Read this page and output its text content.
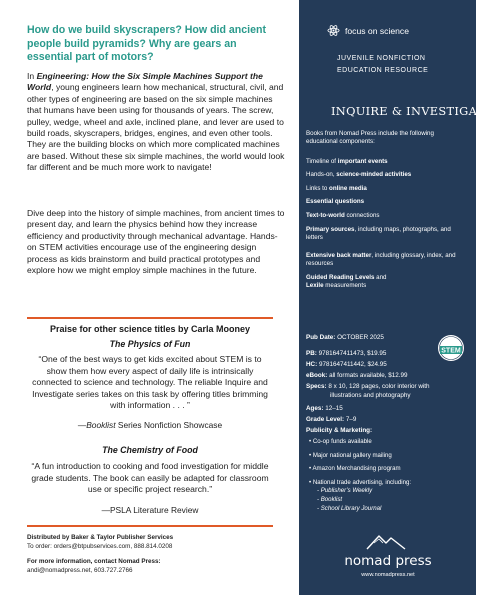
How do we build skyscrapers? How did ancient people build pyramids? Why are gears an essential part of motors?
In Engineering: How the Six Simple Machines Support the World, young engineers learn how mechanical, structural, civil, and other types of engineering are based on the six simple machines that humans have been using for thousands of years. The screw, pulley, wedge, wheel and axle, inclined plane, and lever are used to build roads, skyscrapers, bridges, engines, and even other tools. They are the building blocks on which more complicated machines are based. Without these six simple machines, the world would look far different and be much more work to navigate!
Dive deep into the history of simple machines, from ancient times to present day, and learn the physics behind how they increase efficiency and productivity through mechanical advantage. Hands-on STEM activities encourage use of the engineering design process as kids brainstorm and build practical prototypes and explore how we might employ simple machines in the future.
Praise for other science titles by Carla Mooney
The Physics of Fun
“One of the best ways to get kids excited about STEM is to show them how every aspect of daily life is intrinsically connected to science and technology. The reliable Inquire and Investigate series takes on this task by offering titles brimming with information . . . ”
—Booklist Series Nonfiction Showcase
The Chemistry of Food
“A fun introduction to cooking and food investigation for middle grade students. The book can easily be adapted for classroom use or specific project research.”
—PSLA Literature Review
Distributed by Baker & Taylor Publisher Services
To order: orders@btpubservices.com, 888.814.0208
For more information, contact Nomad Press:
andi@nomadpress.net, 603.727.2766
focus on science
JUVENILE NONFICTION
EDUCATION RESOURCE
INQUIRE & INVESTIGATE
Books from Nomad Press include the following educational components:
Timeline of important events
Hands-on, science-minded activities
Links to online media
Essential questions
Text-to-world connections
Primary sources, including maps, photographs, and letters
Extensive back matter, including glossary, index, and resources
Guided Reading Levels and
Lexile measurements
Pub Date: OCTOBER 2025
PB: 9781647411473, $19.95
HC: 9781647411442, $24.95
eBook: all formats available, $12.99
Specs: 8 x 10, 128 pages, color interior with
illustrations and photography
Ages: 12–15
Grade Level: 7–9
Publicity & Marketing:
• Co-op funds available
• Major national gallery mailing
• Amazon Merchandising program
• National trade advertising, including:
- Publisher’s Weekly
- Booklist
- School Library Journal
STEM
nomad press
www.nomadpress.net
